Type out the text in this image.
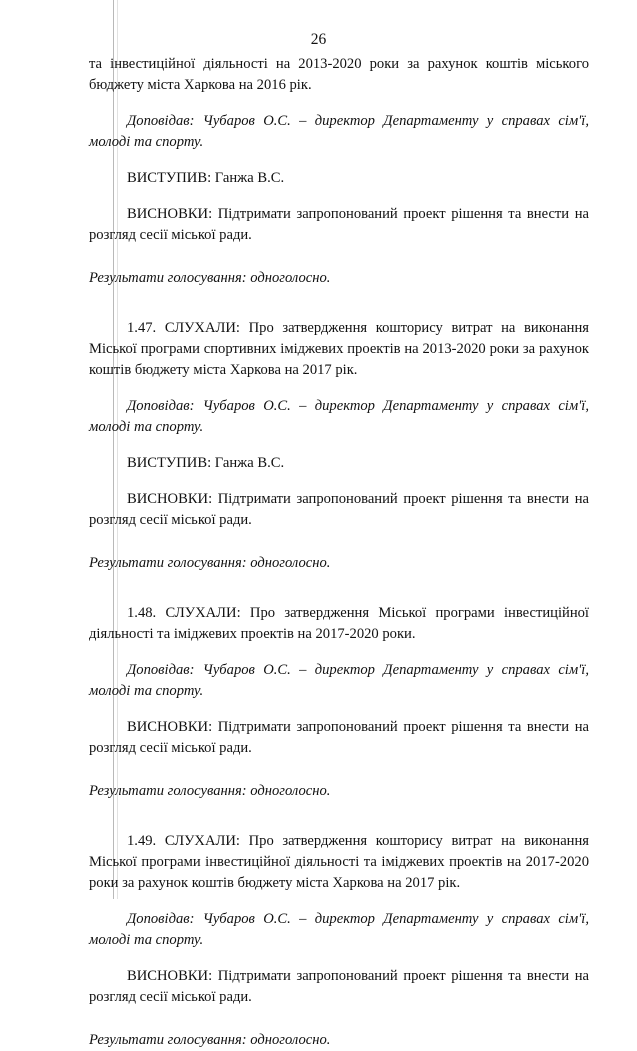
26

та інвестиційної діяльності на 2013-2020 роки за рахунок коштів міського бюджету міста Харкова на 2016 рік.

Доповідав: Чубаров О.С. – директор Департаменту у справах сім'ї, молоді та спорту.

ВИСТУПИВ: Ганжа В.С.

ВИСНОВКИ: Підтримати запропонований проект рішення та внести на розгляд сесії міської ради.

Результати голосування: одноголосно.

1.47. СЛУХАЛИ: Про затвердження кошторису витрат на виконання Міської програми спортивних іміджевих проектів на 2013-2020 роки за рахунок коштів бюджету міста Харкова на 2017 рік.

Доповідав: Чубаров О.С. – директор Департаменту у справах сім'ї, молоді та спорту.

ВИСТУПИВ: Ганжа В.С.

ВИСНОВКИ: Підтримати запропонований проект рішення та внести на розгляд сесії міської ради.

Результати голосування: одноголосно.

1.48. СЛУХАЛИ: Про затвердження Міської програми інвестиційної діяльності та іміджевих проектів на 2017-2020 роки.

Доповідав: Чубаров О.С. – директор Департаменту у справах сім'ї, молоді та спорту.

ВИСНОВКИ: Підтримати запропонований проект рішення та внести на розгляд сесії міської ради.

Результати голосування: одноголосно.

1.49. СЛУХАЛИ: Про затвердження кошторису витрат на виконання Міської програми інвестиційної діяльності та іміджевих проектів на 2017-2020 роки за рахунок коштів бюджету міста Харкова на 2017 рік.

Доповідав: Чубаров О.С. – директор Департаменту у справах сім'ї, молоді та спорту.

ВИСНОВКИ: Підтримати запропонований проект рішення та внести на розгляд сесії міської ради.

Результати голосування: одноголосно.
